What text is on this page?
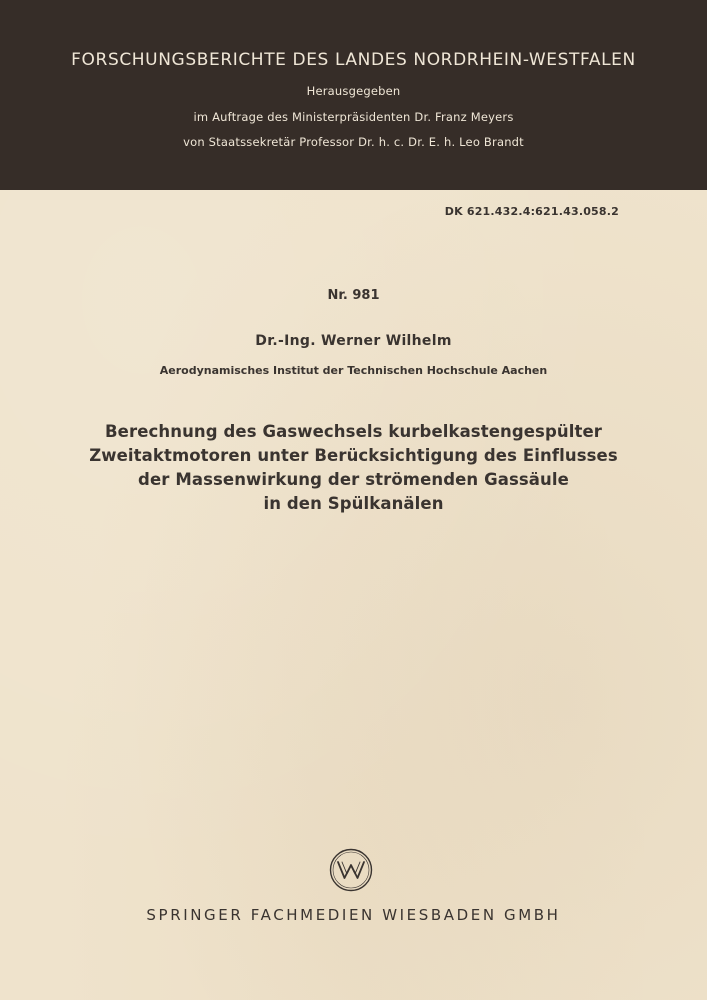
FORSCHUNGSBERICHTE DES LANDES NORDRHEIN-WESTFALEN
Herausgegeben
im Auftrage des Ministerpräsidenten Dr. Franz Meyers
von Staatssekretär Professor Dr. h. c. Dr. E. h. Leo Brandt
DK 621.432.4:621.43.058.2
Nr. 981
Dr.-Ing. Werner Wilhelm
Aerodynamisches Institut der Technischen Hochschule Aachen
Berechnung des Gaswechsels kurbelkastengespülter
Zweitaktmotoren unter Berücksichtigung des Einflusses
der Massenwirkung der strömenden Gassäule
in den Spülkanälen
SPRINGER FACHMEDIEN WIESBADEN GMBH
